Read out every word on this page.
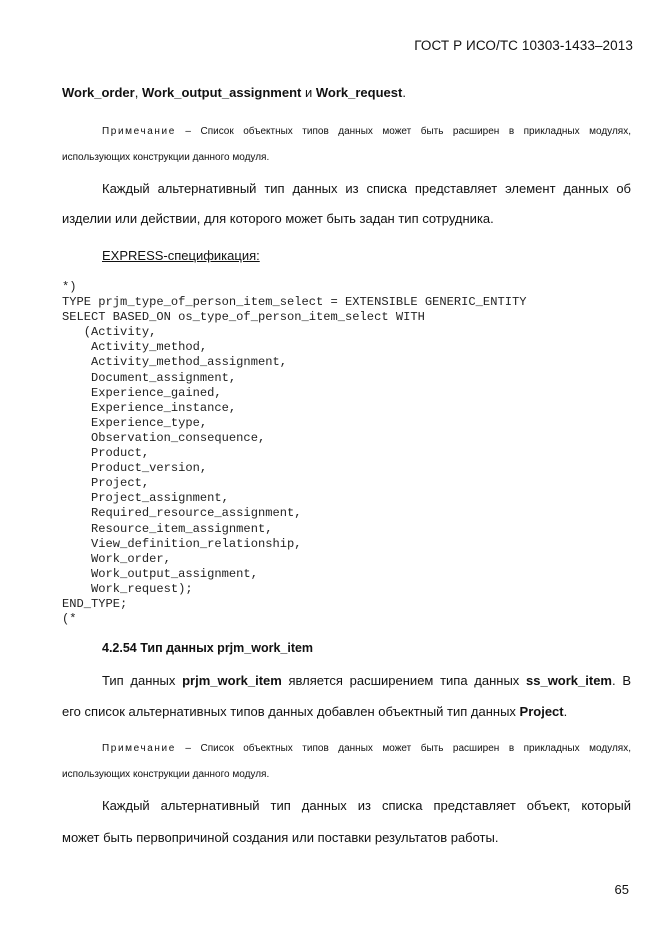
ГОСТ Р ИСО/ТС 10303-1433–2013
Work_order, Work_output_assignment и Work_request.
Примечание – Список объектных типов данных может быть расширен в прикладных модулях,
использующих конструкции данного модуля.
Каждый альтернативный тип данных из списка представляет элемент данных об
изделии или действии, для которого может быть задан тип сотрудника.
EXPRESS-спецификация:
*)
TYPE prjm_type_of_person_item_select = EXTENSIBLE GENERIC_ENTITY
SELECT BASED_ON os_type_of_person_item_select WITH
(Activity,
Activity_method,
Activity_method_assignment,
Document_assignment,
Experience_gained,
Experience_instance,
Experience_type,
Observation_consequence,
Product,
Product_version,
Project,
Project_assignment,
Required_resource_assignment,
Resource_item_assignment,
View_definition_relationship,
Work_order,
Work_output_assignment,
Work_request);
END_TYPE;
(*
4.2.54 Тип данных prjm_work_item
Тип данных prjm_work_item является расширением типа данных ss_work_item. В
его список альтернативных типов данных добавлен объектный тип данных Project.
Примечание – Список объектных типов данных может быть расширен в прикладных модулях,
использующих конструкции данного модуля.
Каждый альтернативный тип данных из списка представляет объект, который
может быть первопричиной создания или поставки результатов работы.
65
